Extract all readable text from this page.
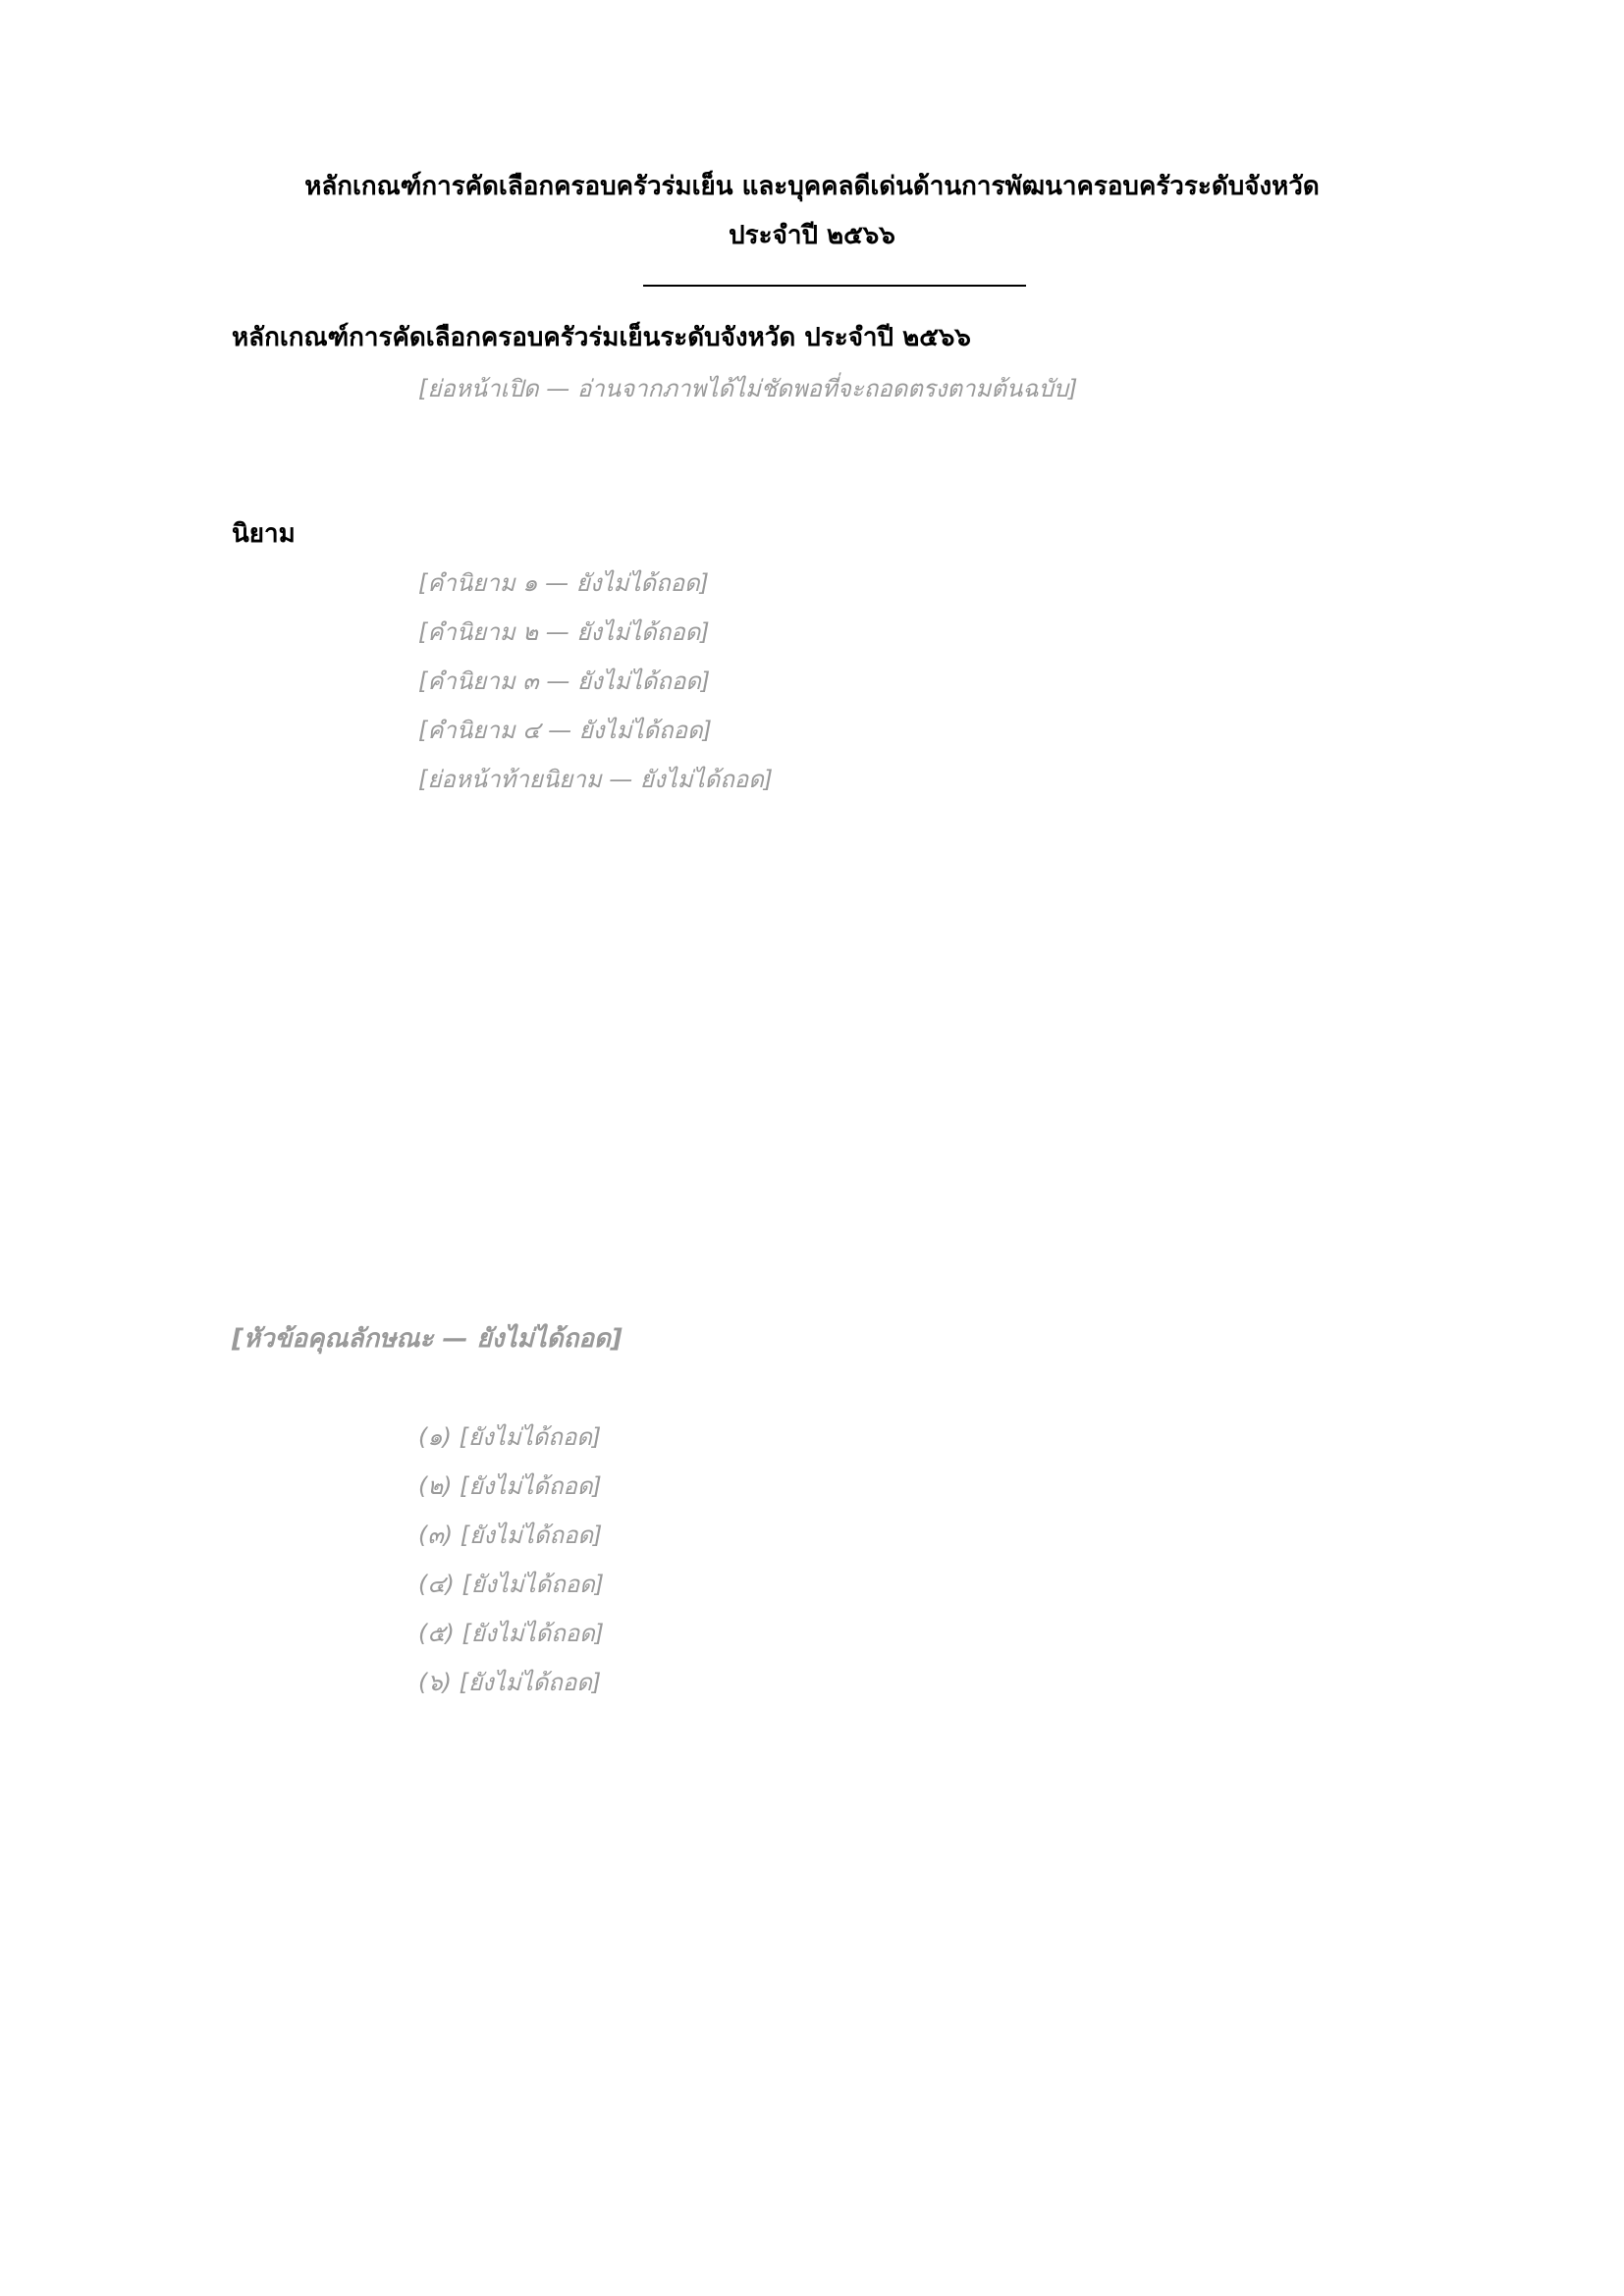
หลักเกณฑ์การคัดเลือกครอบครัวร่มเย็น และบุคคลดีเด่นด้านการพัฒนาครอบครัวระดับจังหวัด
ประจำปี ๒๕๖๖
หลักเกณฑ์การคัดเลือกครอบครัวร่มเย็นระดับจังหวัด ประจำปี ๒๕๖๖
[ย่อหน้าเปิด — อ่านจากภาพได้ไม่ชัดพอที่จะถอดตรงตามต้นฉบับ]
นิยาม
[คำนิยาม ๑ — ยังไม่ได้ถอด]
[คำนิยาม ๒ — ยังไม่ได้ถอด]
[คำนิยาม ๓ — ยังไม่ได้ถอด]
[คำนิยาม ๔ — ยังไม่ได้ถอด]
[ย่อหน้าท้ายนิยาม — ยังไม่ได้ถอด]
[หัวข้อคุณลักษณะ — ยังไม่ได้ถอด]
(๑) [ยังไม่ได้ถอด]
(๒) [ยังไม่ได้ถอด]
(๓) [ยังไม่ได้ถอด]
(๔) [ยังไม่ได้ถอด]
(๕) [ยังไม่ได้ถอด]
(๖) [ยังไม่ได้ถอด]
